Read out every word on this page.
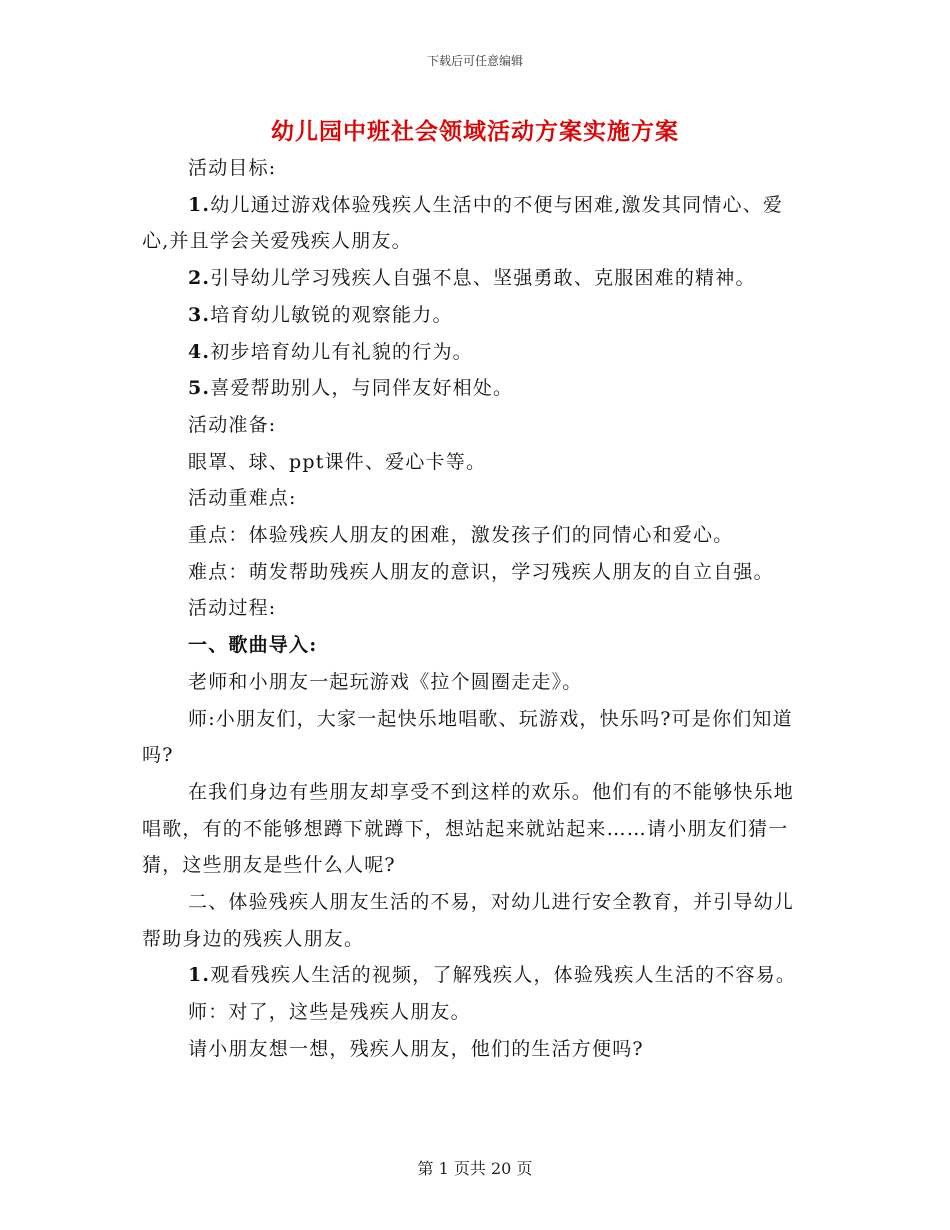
下载后可任意编辑
幼儿园中班社会领域活动方案实施方案

活动目标:

1.幼儿通过游戏体验残疾人生活中的不便与困难,激发其同情心、爱心,并且学会关爱残疾人朋友。

2.引导幼儿学习残疾人自强不息、坚强勇敢、克服困难的精神。

3.培育幼儿敏锐的观察能力。

4.初步培育幼儿有礼貌的行为。

5.喜爱帮助别人，与同伴友好相处。

活动准备:

眼罩、球、ppt课件、爱心卡等。

活动重难点:

重点：体验残疾人朋友的困难，激发孩子们的同情心和爱心。

难点：萌发帮助残疾人朋友的意识，学习残疾人朋友的自立自强。

活动过程:

一、歌曲导入:

老师和小朋友一起玩游戏《拉个圆圈走走》。

师:小朋友们，大家一起快乐地唱歌、玩游戏，快乐吗?可是你们知道吗?

在我们身边有些朋友却享受不到这样的欢乐。他们有的不能够快乐地唱歌，有的不能够想蹲下就蹲下，想站起来就站起来……请小朋友们猜一猜，这些朋友是些什么人呢?

二、体验残疾人朋友生活的不易，对幼儿进行安全教育，并引导幼儿帮助身边的残疾人朋友。

1.观看残疾人生活的视频，了解残疾人，体验残疾人生活的不容易。

师：对了，这些是残疾人朋友。

请小朋友想一想，残疾人朋友，他们的生活方便吗?

第 1 页共 20 页
